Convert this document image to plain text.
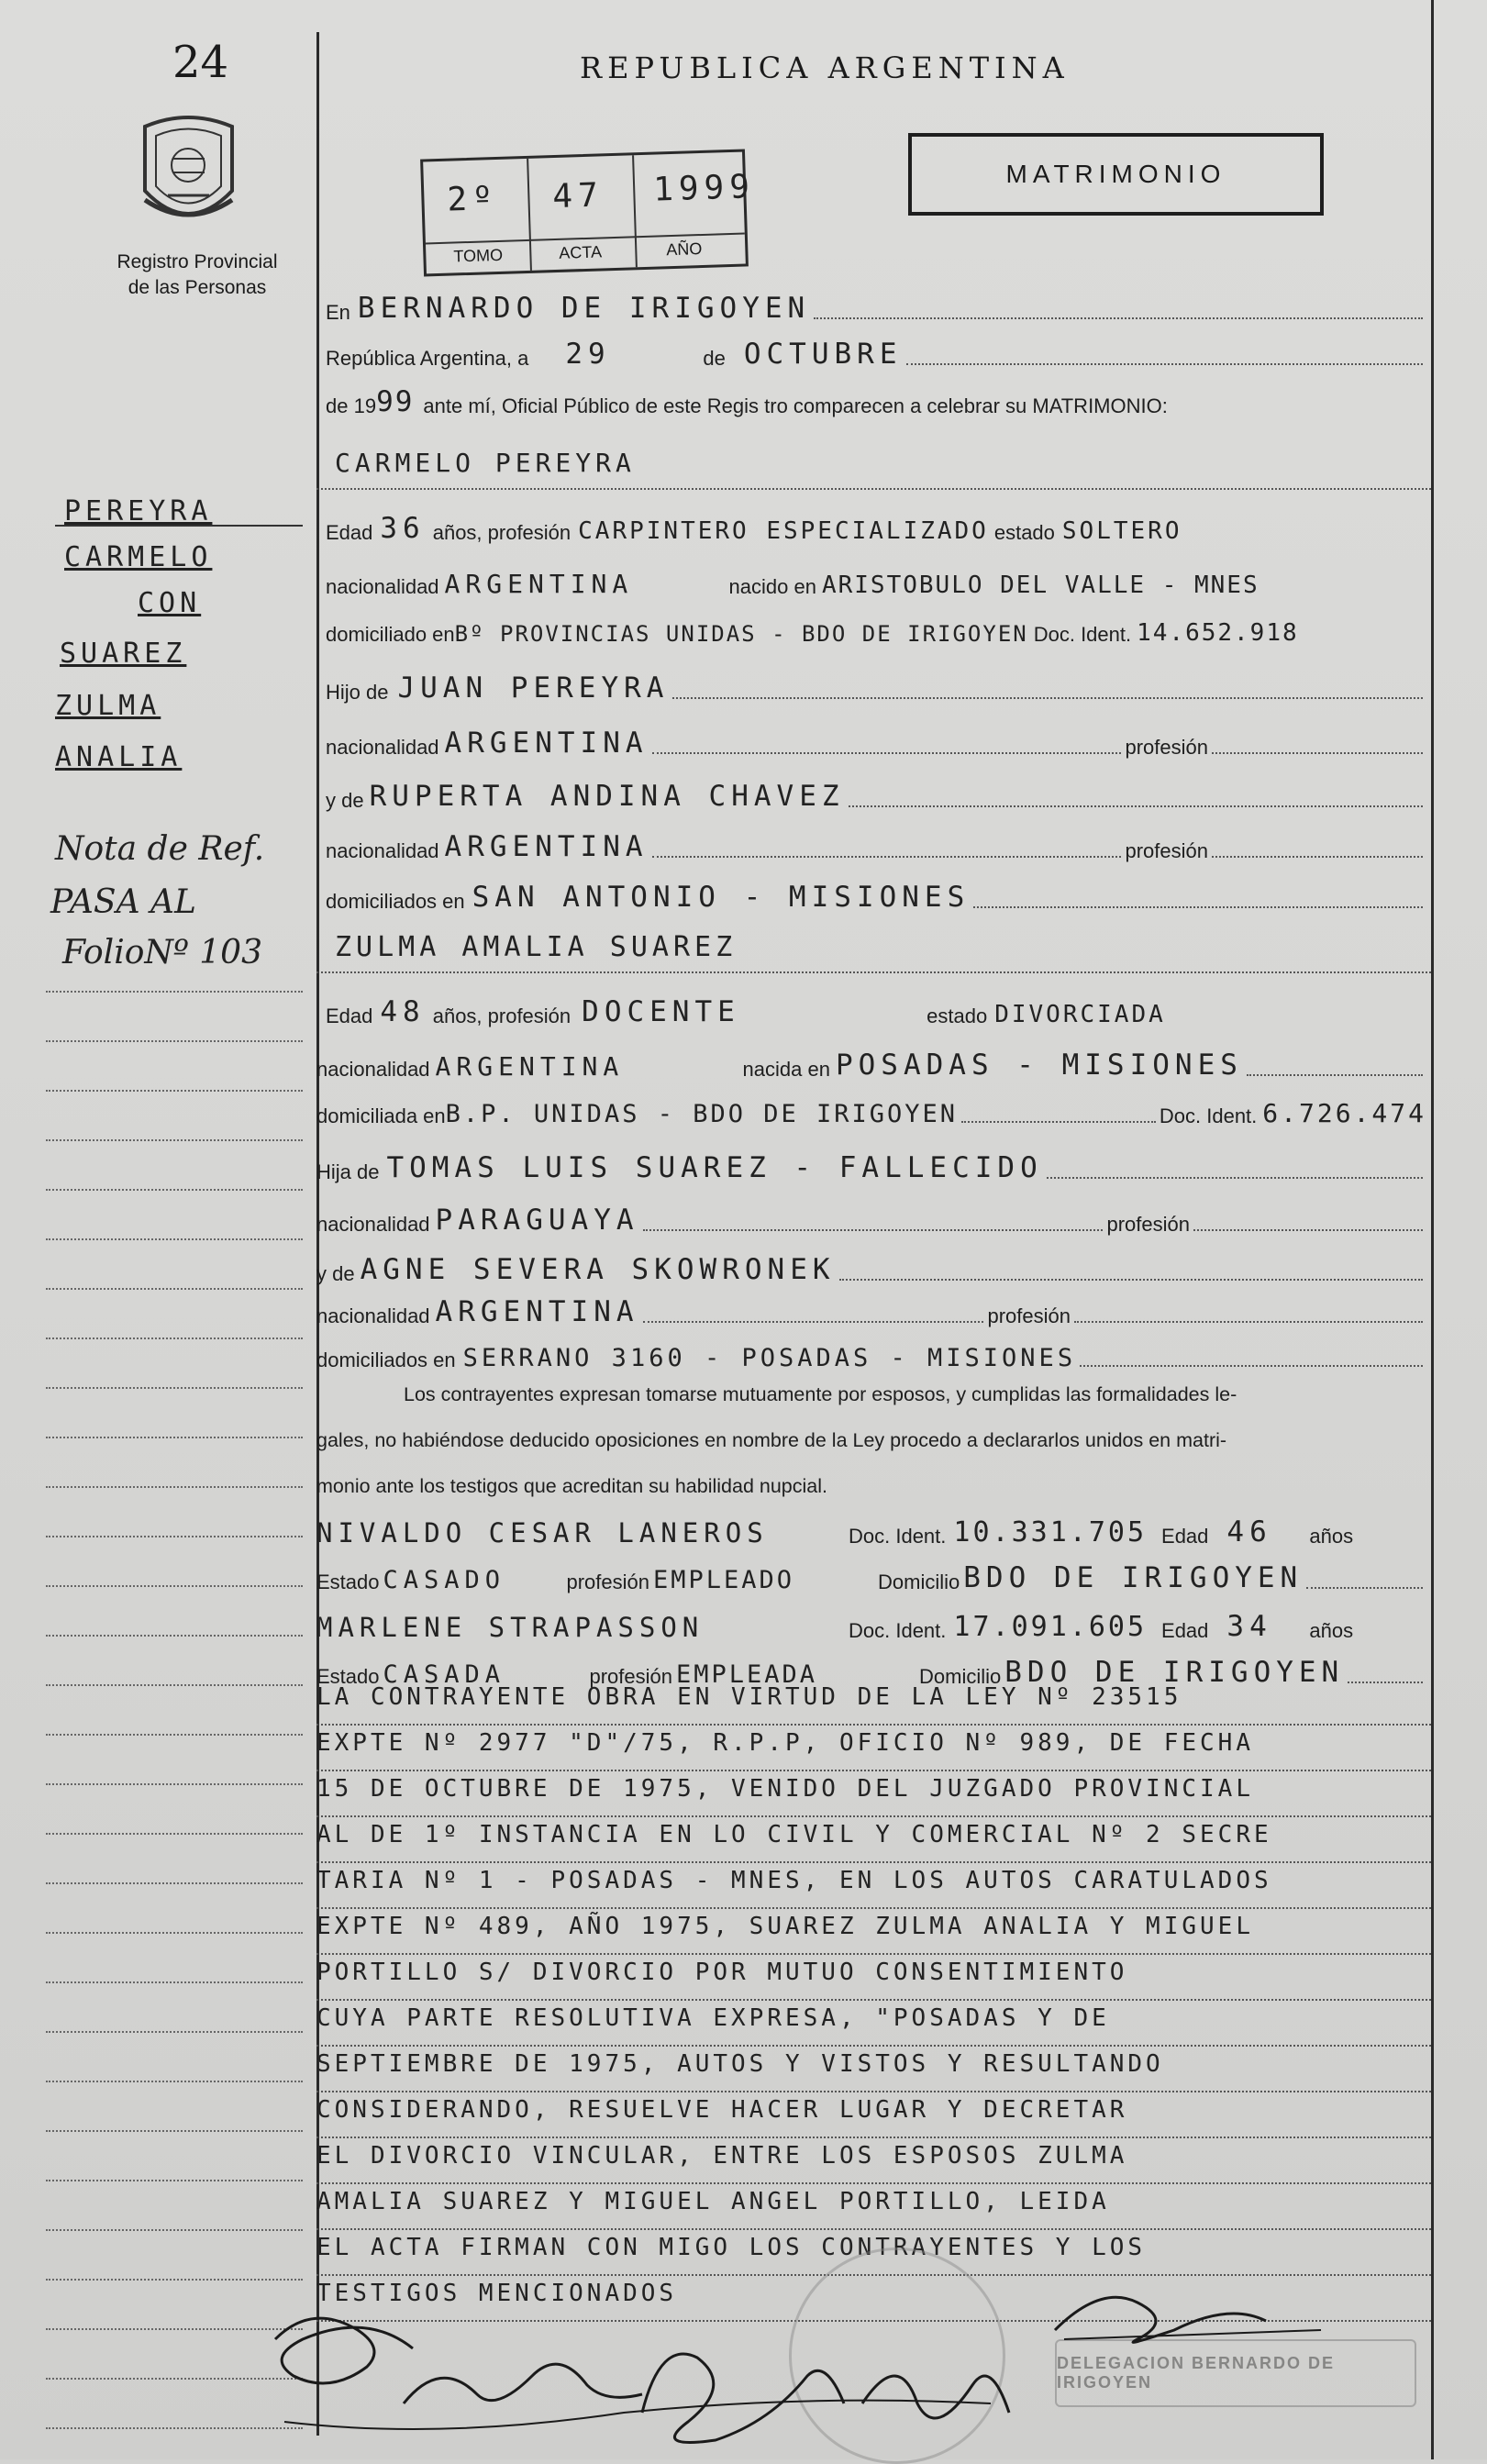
24
Registro Provincial
de las Personas
REPUBLICA ARGENTINA
2º 47 1999
TOMO	ACTA	AÑO
MATRIMONIO
PEREYRA
CARMELO
CON
SUAREZ
ZULMA
ANALIA
Nota de Ref.
PASA AL
FolioNº 103
En BERNARDO DE IRIGOYEN
República Argentina, a 29	de OCTUBRE
de 19 99 ante mí, Oficial Público de este Regis tro comparecen a celebrar su MATRIMONIO:
CARMELO PEREYRA
Edad 36 años, profesión CARPINTERO ESPECIALIZADO estado SOLTERO
nacionalidad ARGENTINA	nacido en ARISTOBULO DEL VALLE - MNES
domiciliado en Bº PROVINCIAS UNIDAS - BDO DE IRIGOYEN Doc. Ident. 14.652.918
Hijo de JUAN PEREYRA
nacionalidad ARGENTINA	profesión
y de RUPERTA ANDINA CHAVEZ
nacionalidad ARGENTINA	profesión
domiciliados en SAN ANTONIO - MISIONES
ZULMA AMALIA SUAREZ
Edad 48 años, profesión DOCENTE	estado DIVORCIADA
nacionalidad ARGENTINA	nacida en POSADAS - MISIONES
domiciliada en B.P. UNIDAS - BDO DE IRIGOYEN	Doc. Ident. 6.726.474
Hija de TOMAS LUIS SUAREZ - FALLECIDO
nacionalidad PARAGUAYA	profesión
y de AGNE SEVERA SKOWRONEK
nacionalidad ARGENTINA	profesión
domiciliados en SERRANO 3160 - POSADAS - MISIONES
Los contrayentes expresan tomarse mutuamente por esposos, y cumplidas las formalidades le-
gales, no habiéndose deducido oposiciones en nombre de la Ley procedo a declararlos unidos en matri-
monio ante los testigos que acreditan su habilidad nupcial.
NIVALDO CESAR LANEROS	Doc. Ident. 10.331.705 Edad 46	años
Estado CASADO	profesión EMPLEADO	Domicilio BDO DE IRIGOYEN
MARLENE STRAPASSON	Doc. Ident. 17.091.605 Edad 34	años
Estado CASADA	profesión EMPLEADA	Domicilio BDO DE IRIGOYEN
LA CONTRAYENTE OBRA EN VIRTUD DE LA LEY Nº 23515
EXPTE Nº 2977 "D"/75, R.P.P, OFICIO Nº 989, DE FECHA
15 DE OCTUBRE DE 1975, VENIDO DEL JUZGADO PROVINCIAL
AL DE 1º INSTANCIA EN LO CIVIL Y COMERCIAL Nº 2 SECRE
TARIA Nº 1 - POSADAS - MNES, EN LOS AUTOS CARATULADOS
EXPTE Nº 489, AÑO 1975, SUAREZ ZULMA ANALIA Y MIGUEL
PORTILLO S/ DIVORCIO POR MUTUO CONSENTIMIENTO
CUYA PARTE RESOLUTIVA EXPRESA, "POSADAS Y DE
SEPTIEMBRE DE 1975, AUTOS Y VISTOS Y RESULTANDO
CONSIDERANDO, RESUELVE HACER LUGAR Y DECRETAR
EL DIVORCIO VINCULAR, ENTRE LOS ESPOSOS ZULMA
AMALIA SUAREZ Y MIGUEL ANGEL PORTILLO, LEIDA
EL ACTA FIRMAN CON MIGO LOS CONTRAYENTES Y LOS
TESTIGOS MENCIONADOS
DELEGACION BERNARDO DE IRIGOYEN
